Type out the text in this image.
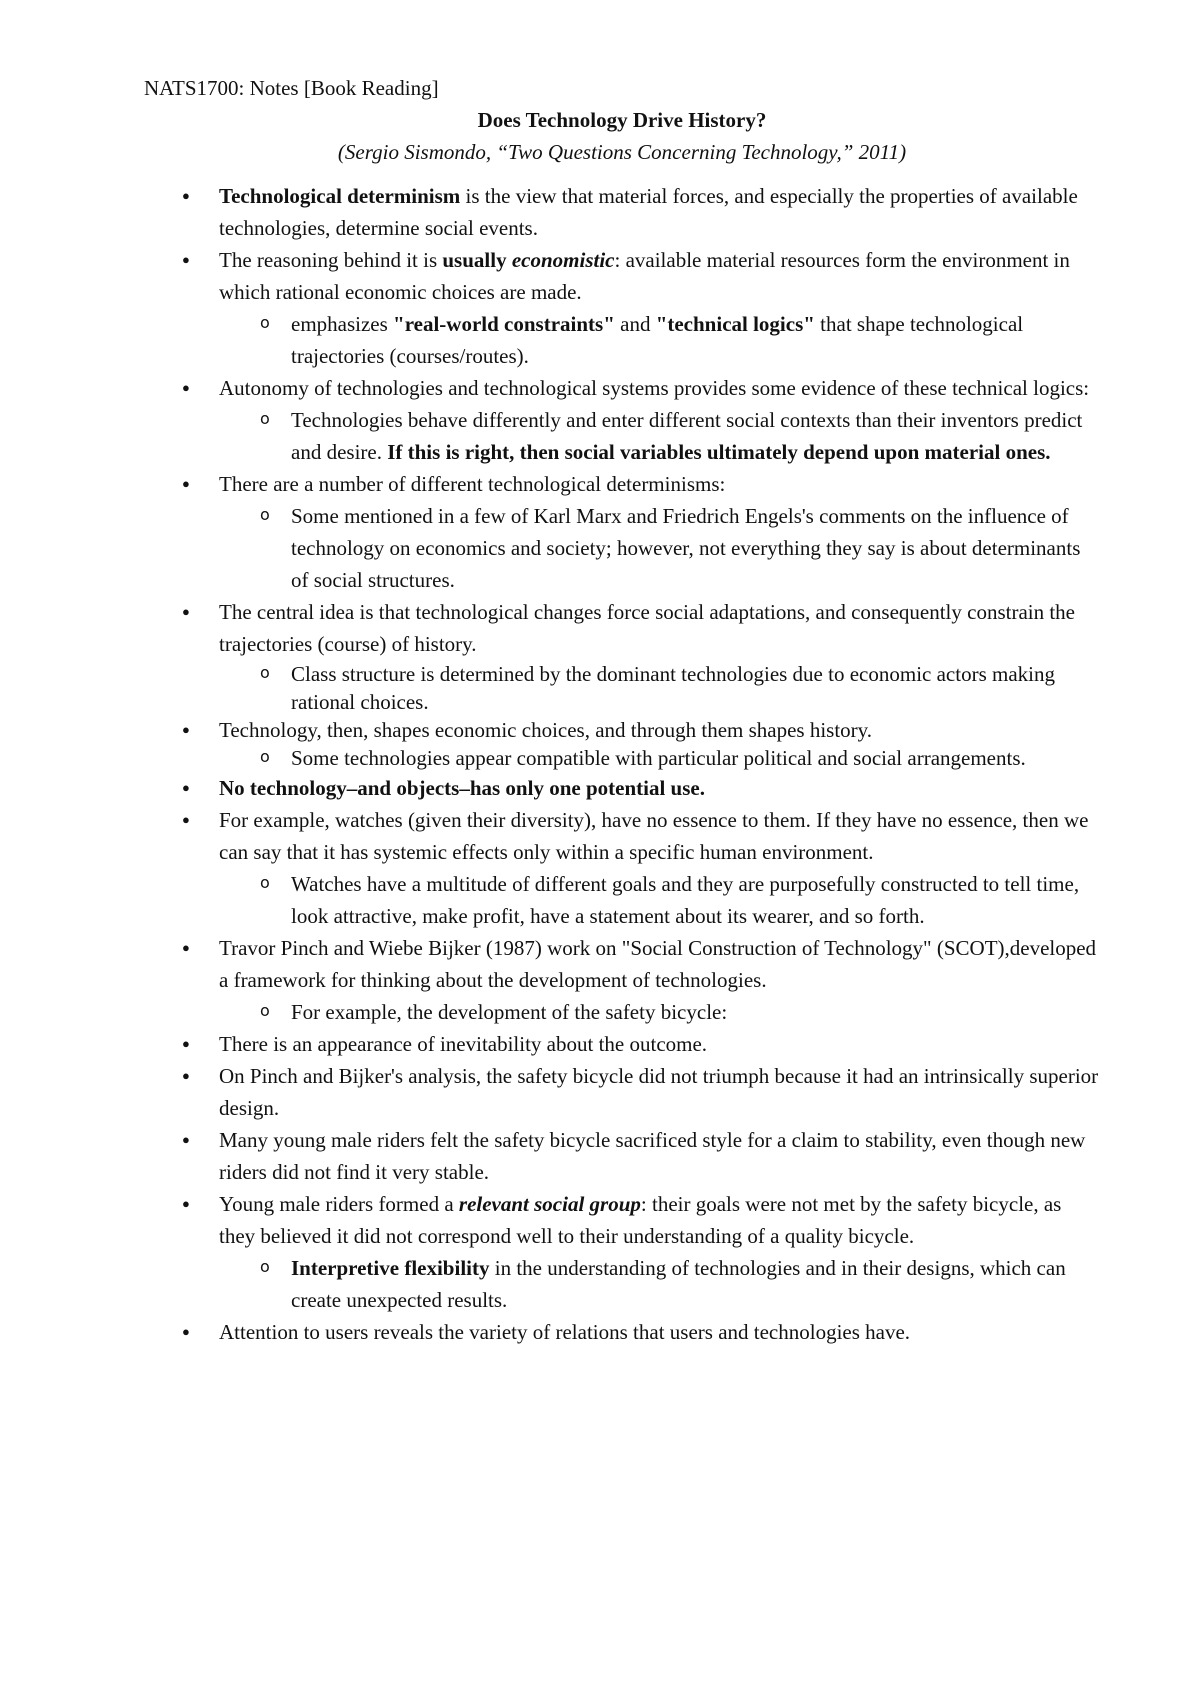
NATS1700: Notes [Book Reading]

Does Technology Drive History?

(Sergio Sismondo, “Two Questions Concerning Technology,” 2011)

● Technological determinism is the view that material forces, and especially the properties of available technologies, determine social events.
● The reasoning behind it is usually economistic: available material resources form the environment in which rational economic choices are made.
o emphasizes "real-world constraints" and "technical logics" that shape technological trajectories (courses/routes).
● Autonomy of technologies and technological systems provides some evidence of these technical logics:
o Technologies behave differently and enter different social contexts than their inventors predict and desire. If this is right, then social variables ultimately depend upon material ones.
● There are a number of different technological determinisms:
o Some mentioned in a few of Karl Marx and Friedrich Engels's comments on the influence of technology on economics and society; however, not everything they say is about determinants of social structures.
● The central idea is that technological changes force social adaptations, and consequently constrain the trajectories (course) of history.
o Class structure is determined by the dominant technologies due to economic actors making rational choices.
● Technology, then, shapes economic choices, and through them shapes history.
o Some technologies appear compatible with particular political and social arrangements.
● No technology–and objects–has only one potential use.
● For example, watches (given their diversity), have no essence to them. If they have no essence, then we can say that it has systemic effects only within a specific human environment.
o Watches have a multitude of different goals and they are purposefully constructed to tell time, look attractive, make profit, have a statement about its wearer, and so forth.
● Travor Pinch and Wiebe Bijker (1987) work on "Social Construction of Technology" (SCOT),developed a framework for thinking about the development of technologies.
o For example, the development of the safety bicycle:
● There is an appearance of inevitability about the outcome.
● On Pinch and Bijker's analysis, the safety bicycle did not triumph because it had an intrinsically superior design.
● Many young male riders felt the safety bicycle sacrificed style for a claim to stability, even though new riders did not find it very stable.
● Young male riders formed a relevant social group: their goals were not met by the safety bicycle, as they believed it did not correspond well to their understanding of a quality bicycle.
o Interpretive flexibility in the understanding of technologies and in their designs, which can create unexpected results.
● Attention to users reveals the variety of relations that users and technologies have.
